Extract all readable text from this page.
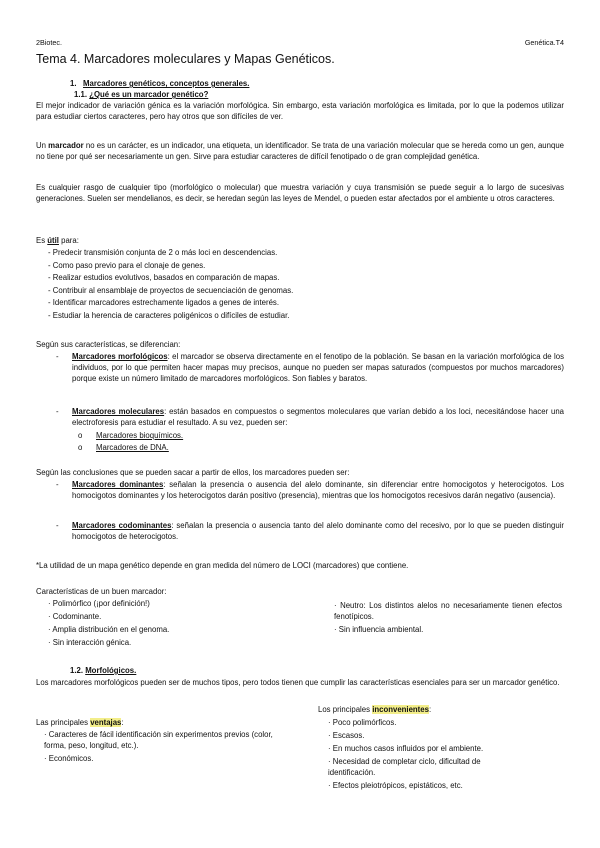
2Biotec.	Genética.T4
Tema 4. Marcadores moleculares y Mapas Genéticos.
1. Marcadores genéticos, conceptos generales.
1.1. ¿Qué es un marcador genético?
El mejor indicador de variación génica es la variación morfológica. Sin embargo, esta variación morfológica es limitada, por lo que la podemos utilizar para estudiar ciertos caracteres, pero hay otros que son difíciles de ver.
Un marcador no es un carácter, es un indicador, una etiqueta, un identificador. Se trata de una variación molecular que se hereda como un gen, aunque no tiene por qué ser necesariamente un gen. Sirve para estudiar caracteres de difícil fenotipado o de gran complejidad genética.
Es cualquier rasgo de cualquier tipo (morfológico o molecular) que muestra variación y cuya transmisión se puede seguir a lo largo de sucesivas generaciones. Suelen ser mendelianos, es decir, se heredan según las leyes de Mendel, o pueden estar afectados por el ambiente u otros caracteres.
Es útil para:
- Predecir transmisión conjunta de 2 o más loci en descendencias.
- Como paso previo para el clonaje de genes.
- Realizar estudios evolutivos, basados en comparación de mapas.
- Contribuir al ensamblaje de proyectos de secuenciación de genomas.
- Identificar marcadores estrechamente ligados a genes de interés.
- Estudiar la herencia de caracteres poligénicos o difíciles de estudiar.
Según sus características, se diferencian:
- Marcadores morfológicos: el marcador se observa directamente en el fenotipo de la población. Se basan en la variación morfológica de los individuos, por lo que permiten hacer mapas muy precisos, aunque no pueden ser mapas saturados (compuestos por muchos marcadores) porque existe un número limitado de marcadores morfológicos. Son fiables y baratos.
- Marcadores moleculares: están basados en compuestos o segmentos moleculares que varían debido a los loci, necesitándose hacer una electroforesis para estudiar el resultado. A su vez, pueden ser:
o Marcadores bioquímicos.
o Marcadores de DNA.
Según las conclusiones que se pueden sacar a partir de ellos, los marcadores pueden ser:
- Marcadores dominantes: señalan la presencia o ausencia del alelo dominante, sin diferenciar entre homocigotos y heterocigotos. Los homocigotos dominantes y los heterocigotos darán positivo (presencia), mientras que los homocigotos recesivos darán negativo (ausencia).
- Marcadores codominantes: señalan la presencia o ausencia tanto del alelo dominante como del recesivo, por lo que se pueden distinguir homocigotos de heterocigotos.
*La utilidad de un mapa genético depende en gran medida del número de LOCI (marcadores) que contiene.
Características de un buen marcador:
· Polimórfico (¡por definición!)
· Codominante.
· Amplia distribución en el genoma.
· Sin interacción génica.
· Neutro: Los distintos alelos no necesariamente tienen efectos fenotípicos.
· Sin influencia ambiental.
1.2. Morfológicos.
Los marcadores morfológicos pueden ser de muchos tipos, pero todos tienen que cumplir las características esenciales para ser un marcador genético.
Las principales ventajas:
· Caracteres de fácil identificación sin experimentos previos (color, forma, peso, longitud, etc.).
· Económicos.
Los principales inconvenientes:
· Poco polimórficos.
· Escasos.
· En muchos casos influidos por el ambiente.
· Necesidad de completar ciclo, dificultad de identificación.
· Efectos pleiotrópicos, epistáticos, etc.
